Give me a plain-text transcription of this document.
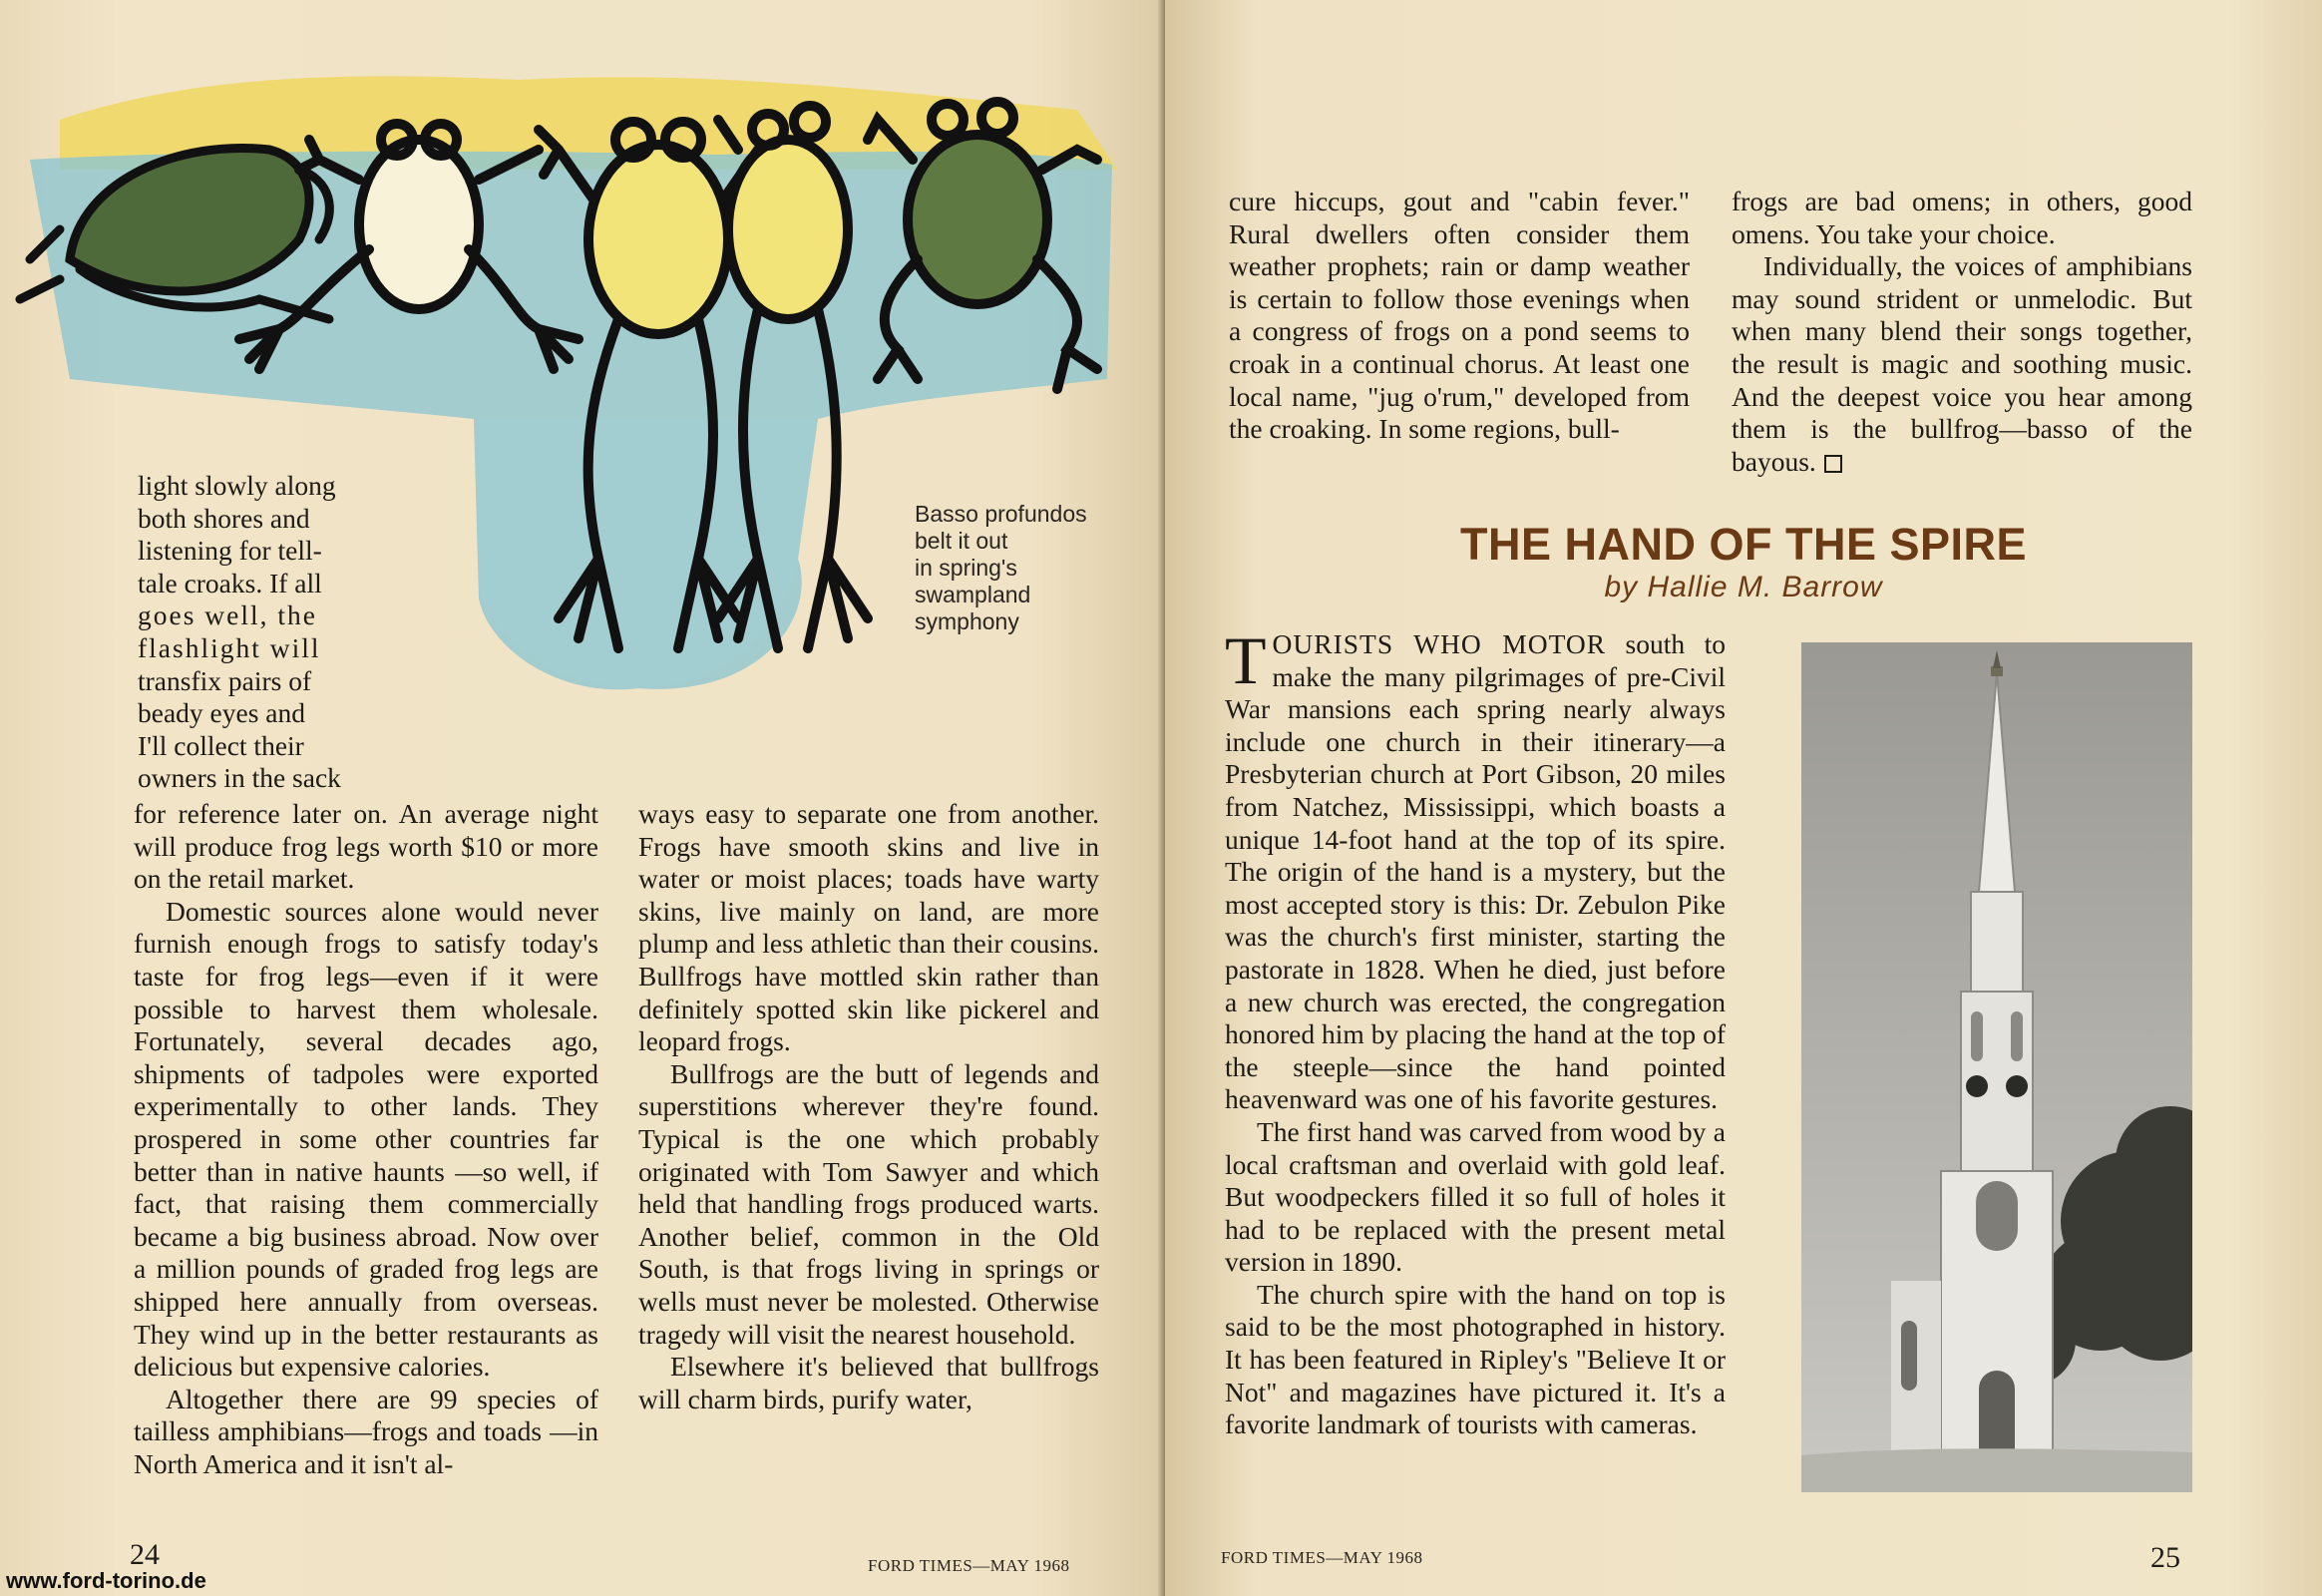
light slowly along
both shores and
listening for tell-
tale croaks. If all
goes well, the
flashlight will
transfix pairs of
beady eyes and
I'll collect their
owners in the sack
Basso profundos
belt it out
in spring's
swampland
symphony

for reference later on. An average night will produce frog legs worth $10 or more on the retail market.

Domestic sources alone would never furnish enough frogs to satisfy today's taste for frog legs—even if it were possible to harvest them wholesale. Fortunately, several decades ago, shipments of tadpoles were exported experimentally to other lands. They prospered in some other countries far better than in native haunts —so well, if fact, that raising them commercially became a big business abroad. Now over a million pounds of graded frog legs are shipped here annually from overseas. They wind up in the better restaurants as delicious but expensive calories.

Altogether there are 99 species of tailless amphibians—frogs and toads —in North America and it isn't al-

ways easy to separate one from another. Frogs have smooth skins and live in water or moist places; toads have warty skins, live mainly on land, are more plump and less athletic than their cousins. Bullfrogs have mottled skin rather than definitely spotted skin like pickerel and leopard frogs.

Bullfrogs are the butt of legends and superstitions wherever they're found. Typical is the one which probably originated with Tom Sawyer and which held that handling frogs produced warts. Another belief, common in the Old South, is that frogs living in springs or wells must never be molested. Otherwise tragedy will visit the nearest household.

Elsewhere it's believed that bullfrogs will charm birds, purify water,

24	FORD TIMES—MAY 1968
www.ford-torino.de

cure hiccups, gout and "cabin fever." Rural dwellers often consider them weather prophets; rain or damp weather is certain to follow those evenings when a congress of frogs on a pond seems to croak in a continual chorus. At least one local name, "jug o'rum," developed from the croaking. In some regions, bull-

frogs are bad omens; in others, good omens. You take your choice.

Individually, the voices of amphibians may sound strident or unmelodic. But when many blend their songs together, the result is magic and soothing music. And the deepest voice you hear among them is the bullfrog—basso of the bayous.

THE HAND OF THE SPIRE
by Hallie M. Barrow

TOURISTS WHO MOTOR south to make the many pilgrimages of pre-Civil War mansions each spring nearly always include one church in their itinerary—a Presbyterian church at Port Gibson, 20 miles from Natchez, Mississippi, which boasts a unique 14-foot hand at the top of its spire. The origin of the hand is a mystery, but the most accepted story is this: Dr. Zebulon Pike was the church's first minister, starting the pastorate in 1828. When he died, just before a new church was erected, the congregation honored him by placing the hand at the top of the steeple—since the hand pointed heavenward was one of his favorite gestures.

The first hand was carved from wood by a local craftsman and overlaid with gold leaf. But woodpeckers filled it so full of holes it had to be replaced with the present metal version in 1890.

The church spire with the hand on top is said to be the most photographed in history. It has been featured in Ripley's "Believe It or Not" and magazines have pictured it. It's a favorite landmark of tourists with cameras.

FORD TIMES—MAY 1968	25
